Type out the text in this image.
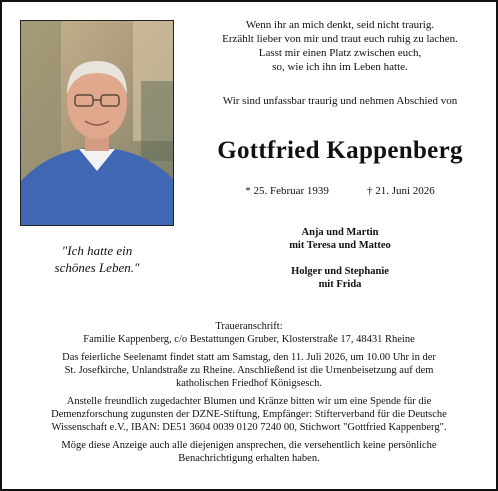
"Ich hatte ein
schönes Leben."
Wenn ihr an mich denkt, seid nicht traurig.
Erzählt lieber von mir und traut euch ruhig zu lachen.
Lasst mir einen Platz zwischen euch,
so, wie ich ihn im Leben hatte.
Wir sind unfassbar traurig und nehmen Abschied von
Gottfried Kappenberg
* 25. Februar 1939	† 21. Juni 2026
Anja und Martin
mit Teresa und Matteo
Holger und Stephanie
mit Frida

Traueranschrift:
Familie Kappenberg, c/o Bestattungen Gruber, Klosterstraße 17, 48431 Rheine

Das feierliche Seelenamt findet statt am Samstag, den 11. Juli 2026, um 10.00 Uhr in der
St. Josefkirche, Unlandstraße zu Rheine. Anschließend ist die Urnenbeisetzung auf dem
katholischen Friedhof Königsesch.

Anstelle freundlich zugedachter Blumen und Kränze bitten wir um eine Spende für die
Demenzforschung zugunsten der DZNE-Stiftung, Empfänger: Stifterverband für die Deutsche
Wissenschaft e.V., IBAN: DE51 3604 0039 0120 7240 00, Stichwort "Gottfried Kappenberg".

Möge diese Anzeige auch alle diejenigen ansprechen, die versehentlich keine persönliche
Benachrichtigung erhalten haben.
